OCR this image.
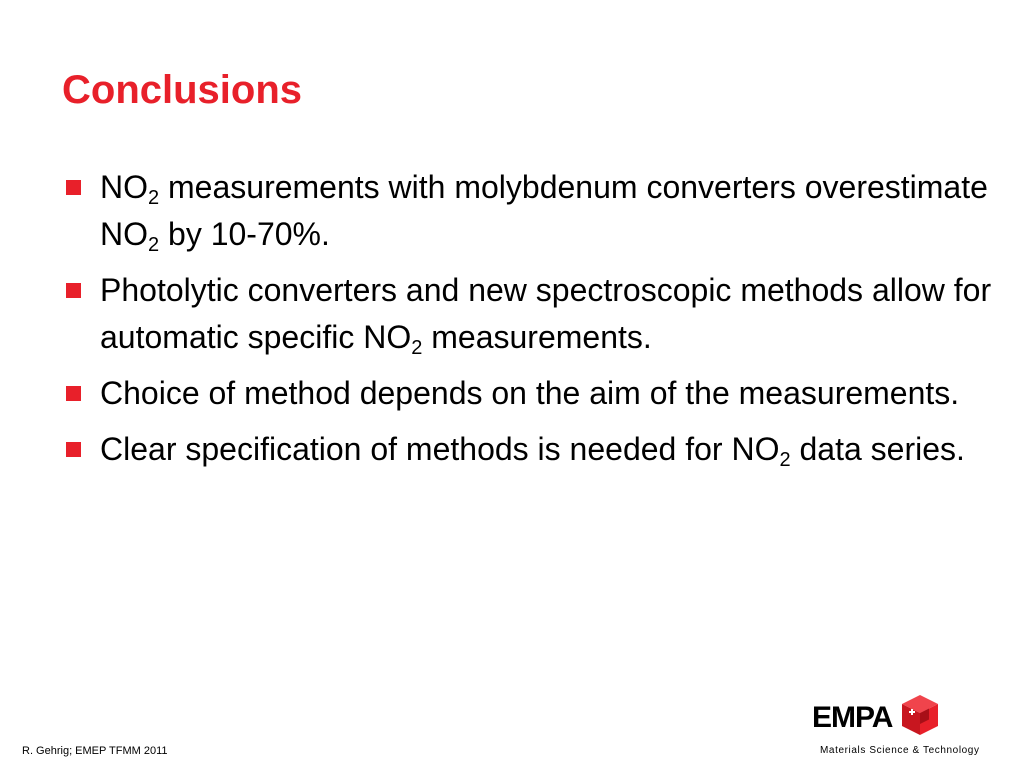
Conclusions
$NO_2$ measurements with molybdenum converters overestimate $NO_2$ by 10-70%.
Photolytic converters and new spectroscopic methods allow for automatic specific $NO_2$ measurements.
Choice of method depends on the aim of the measurements.
Clear specification of methods is needed for $NO_2$ data series.
EMPA
R. Gehrig; EMEP TFMM 2011	Materials Science & Technology
